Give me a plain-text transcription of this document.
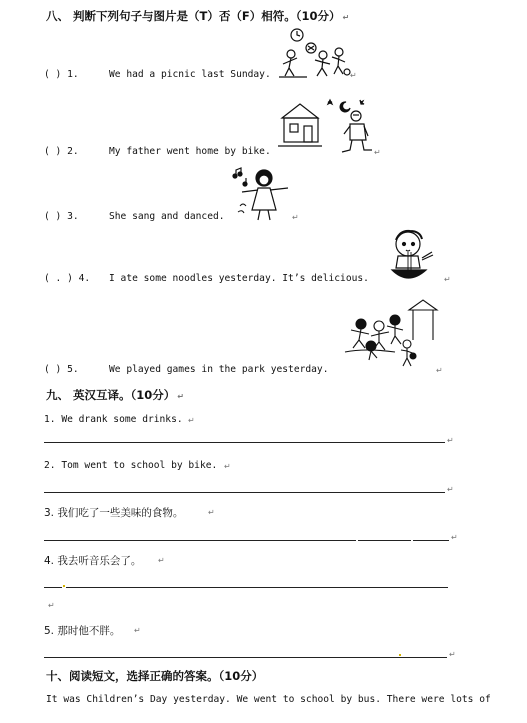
八、 判断下列句子与图片是（T）否（F）相符。（10分） ↵
( ) 1.	We had a picnic last Sunday.	↵
( ) 2.	My father went home by bike.	↵
( ) 3.	She sang and danced.	↵
( . ) 4. I ate some noodles yesterday. It’s delicious.	↵
( ) 5.	We played games in the park yesterday.	↵
九、 英汉互译。（10分） ↵
1. We drank some drinks. ↵
↵
2. Tom went to school by bike. ↵
↵
3. 我们吃了一些美味的食物。	↵
↵
4. 我去听音乐会了。 ↵
↵
5. 那时他不胖。 ↵
↵
十、阅读短文，选择正确的答案。（10分）
It was Children’s Day yesterday. We went to school by bus. There were lots of
